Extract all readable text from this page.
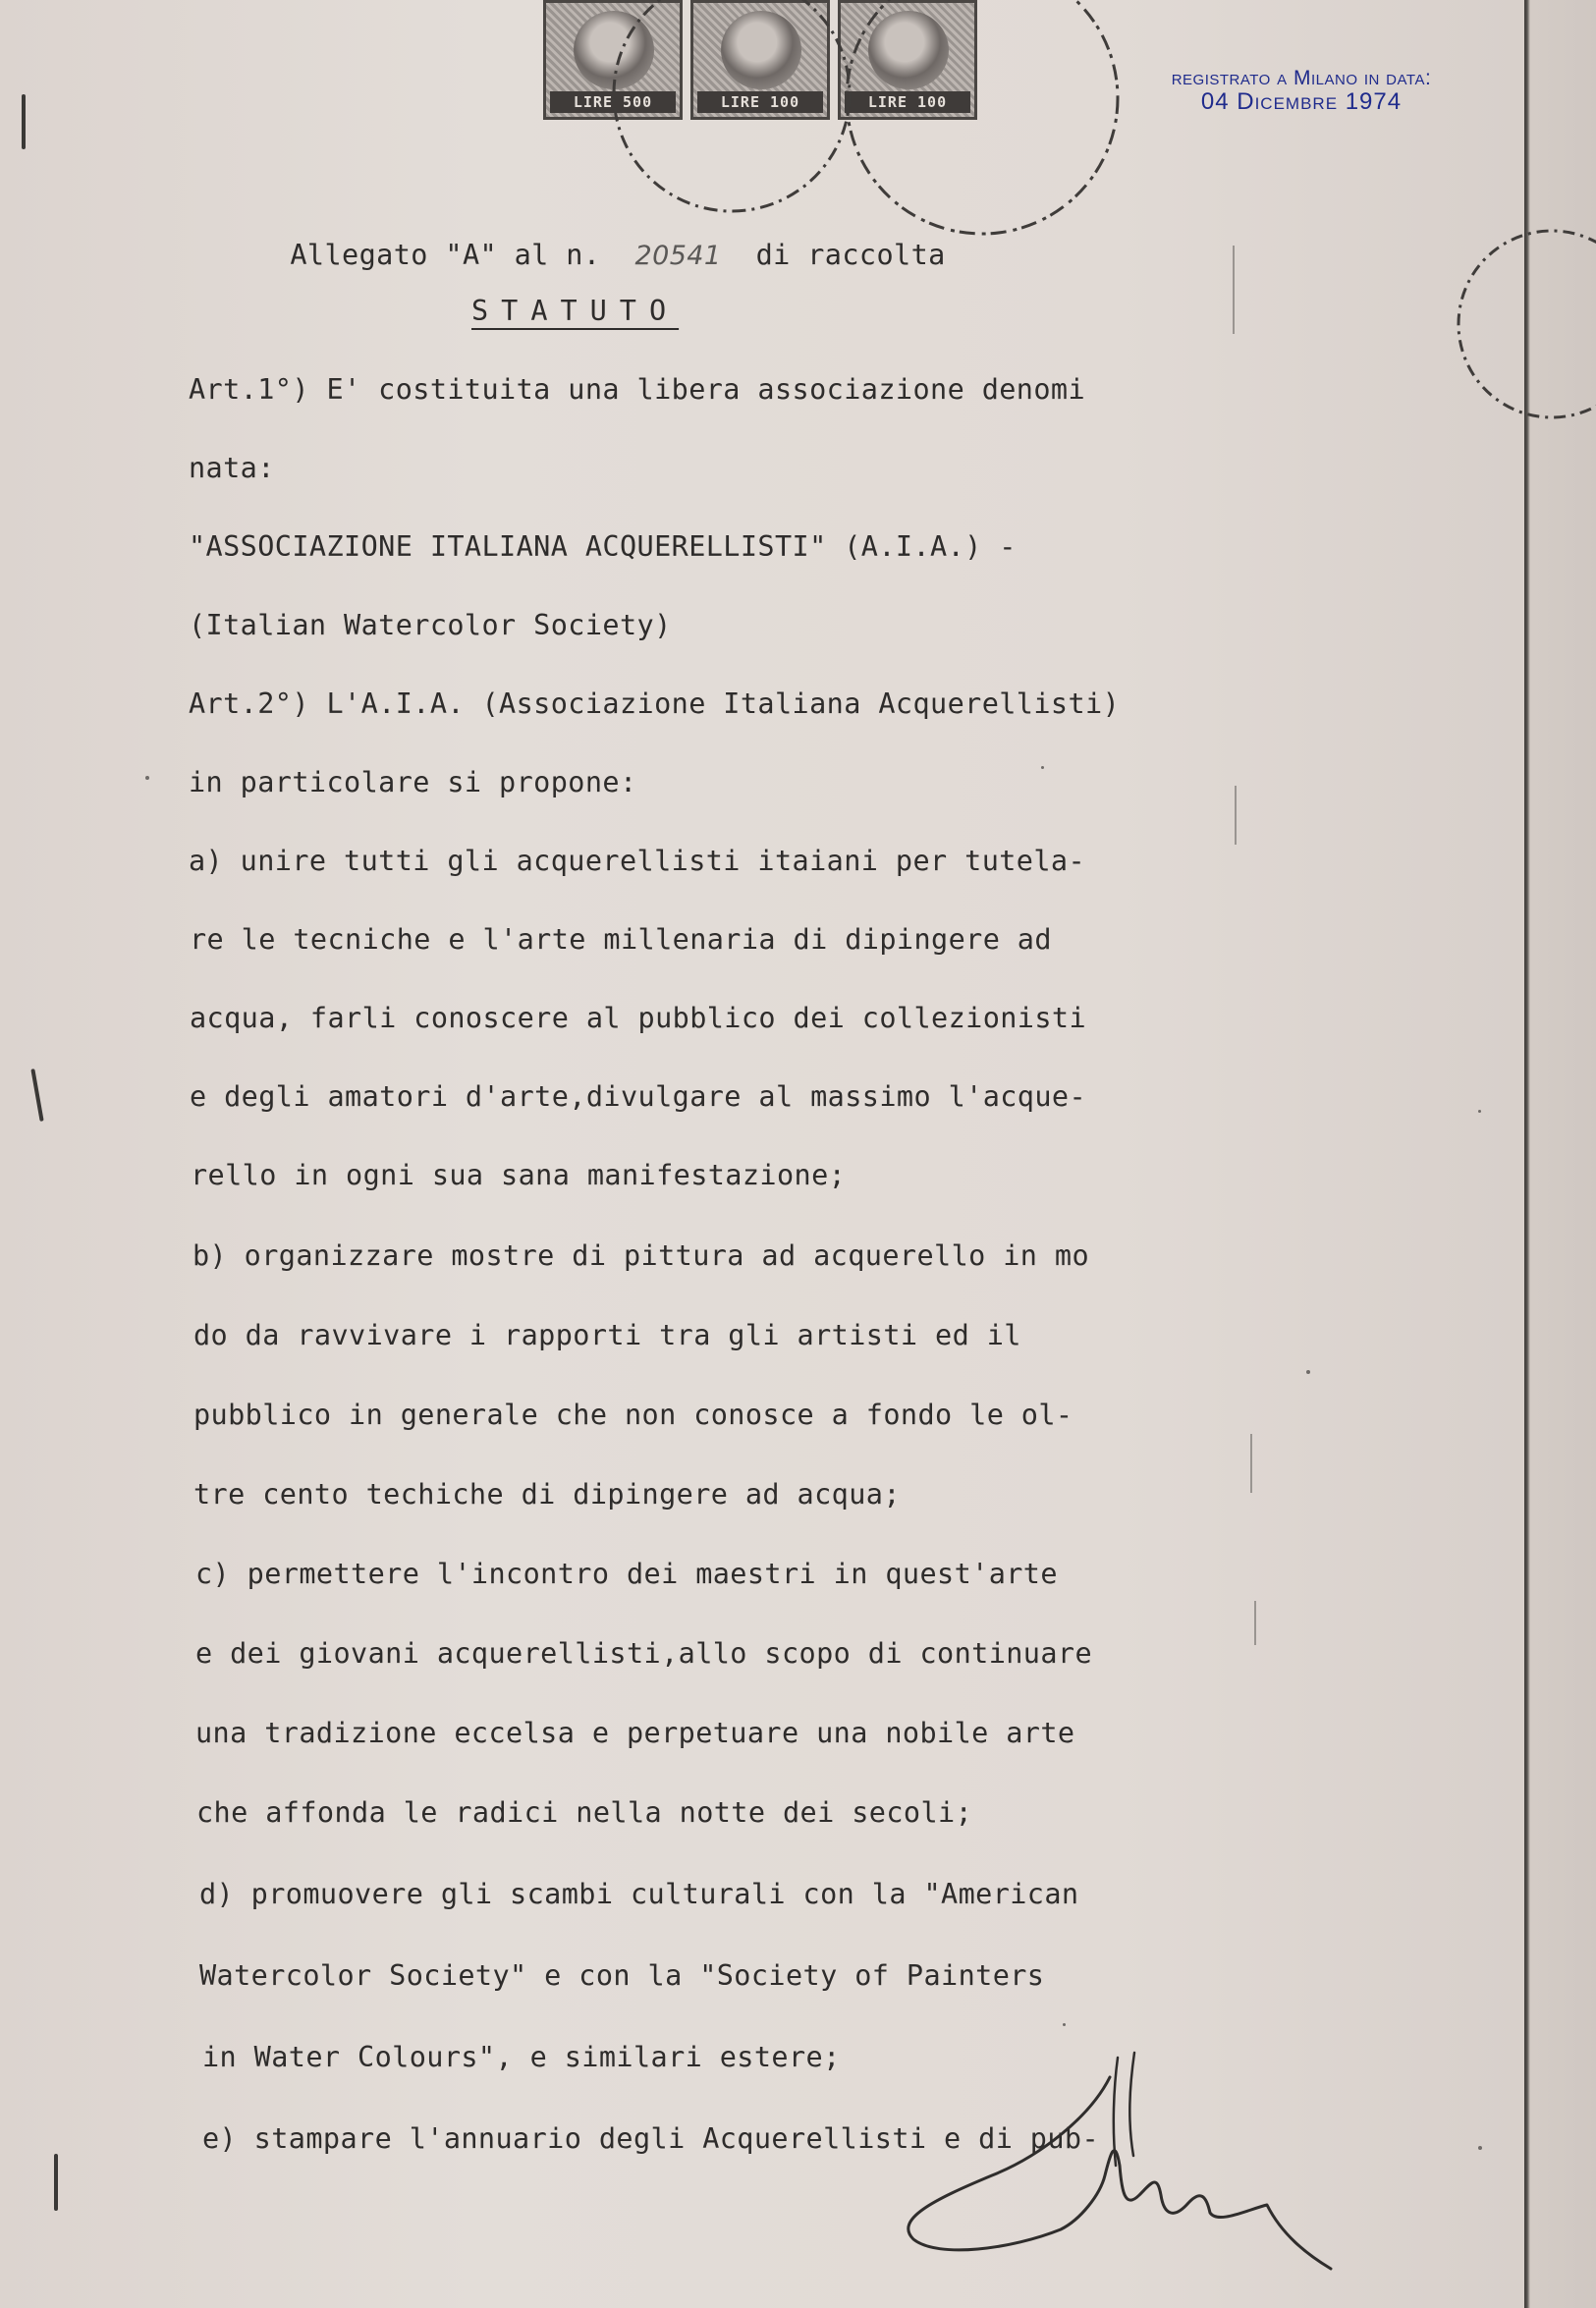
LIRE 500	LIRE 100	LIRE 100
registrato a Milano in data:
04 Dicembre 1974

Allegato "A" al n. 20541 di raccolta

STATUTO

Art.1°) E' costituita una libera associazione denomi

nata:

"ASSOCIAZIONE ITALIANA ACQUERELLISTI" (A.I.A.) -

(Italian Watercolor Society)

Art.2°) L'A.I.A. (Associazione Italiana Acquerellisti)

in particolare si propone:

a) unire tutti gli acquerellisti itaiani per tutela-

re le tecniche e l'arte millenaria di dipingere ad

acqua, farli conoscere al pubblico dei collezionisti

e degli amatori d'arte,divulgare al massimo l'acque-

rello in ogni sua sana manifestazione;

b) organizzare mostre di pittura ad acquerello in mo

do da ravvivare i rapporti tra gli artisti ed il

pubblico in generale che non conosce a fondo le ol-

tre cento techiche di dipingere ad acqua;

c) permettere l'incontro dei maestri in quest'arte

e dei giovani acquerellisti,allo scopo di continuare

una tradizione eccelsa e perpetuare una nobile arte

che affonda le radici nella notte dei secoli;

d) promuovere gli scambi culturali con la "American

Watercolor Society" e con la "Society of Painters

in Water Colours", e similari estere;

e) stampare l'annuario degli Acquerellisti e di pub-
